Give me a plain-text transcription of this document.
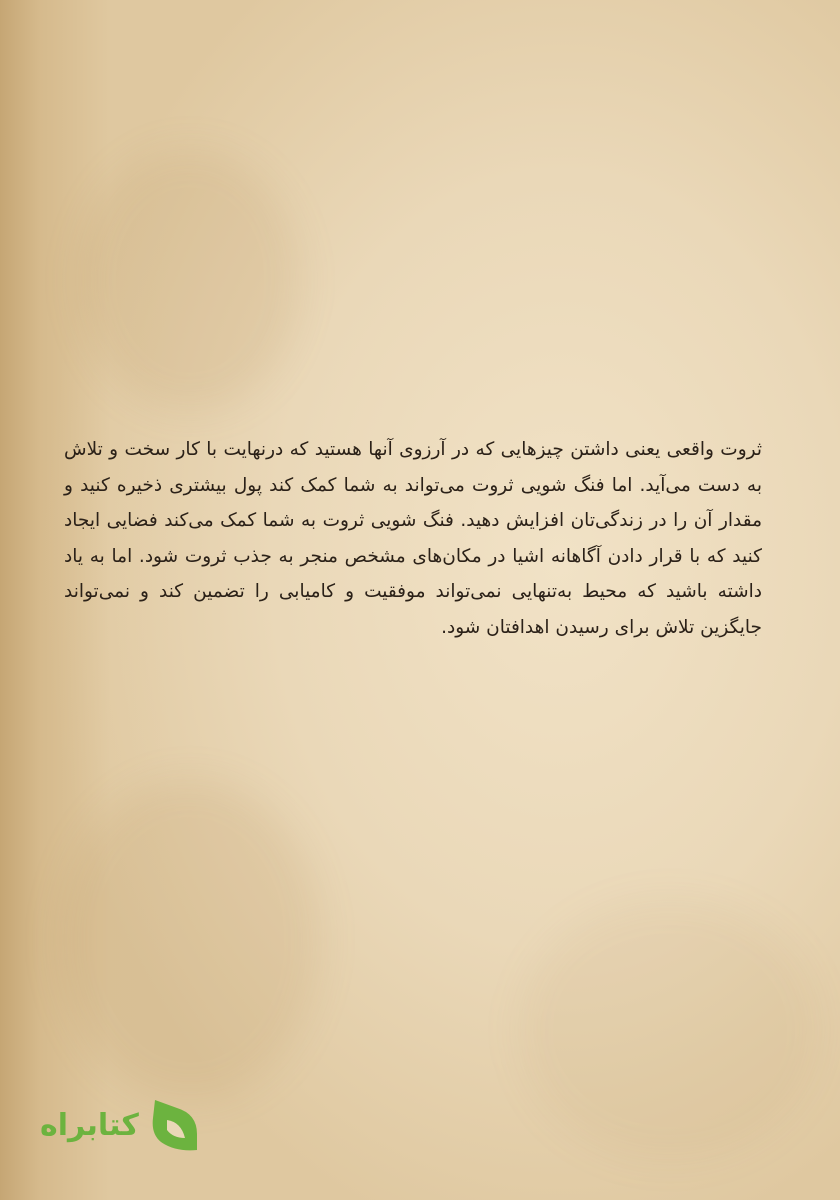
ثروت واقعی یعنی داشتن چیزهایی که در آرزوی آنها هستید که درنهایت با کار سخت و تلاش به دست می‌آید. اما فنگ شویی ثروت می‌تواند به شما کمک کند پول بیشتری ذخیره کنید و مقدار آن را در زندگی‌تان افزایش دهید. فنگ شویی ثروت به شما کمک می‌کند فضایی ایجاد کنید که با قرار دادن آگاهانه اشیا در مکان‌های مشخص منجر به جذب ثروت شود. اما به یاد داشته باشید که محیط به‌تنهایی نمی‌تواند موفقیت و کامیابی را تضمین کند و نمی‌تواند جایگزین تلاش برای رسیدن اهدافتان شود.

کتابراه
